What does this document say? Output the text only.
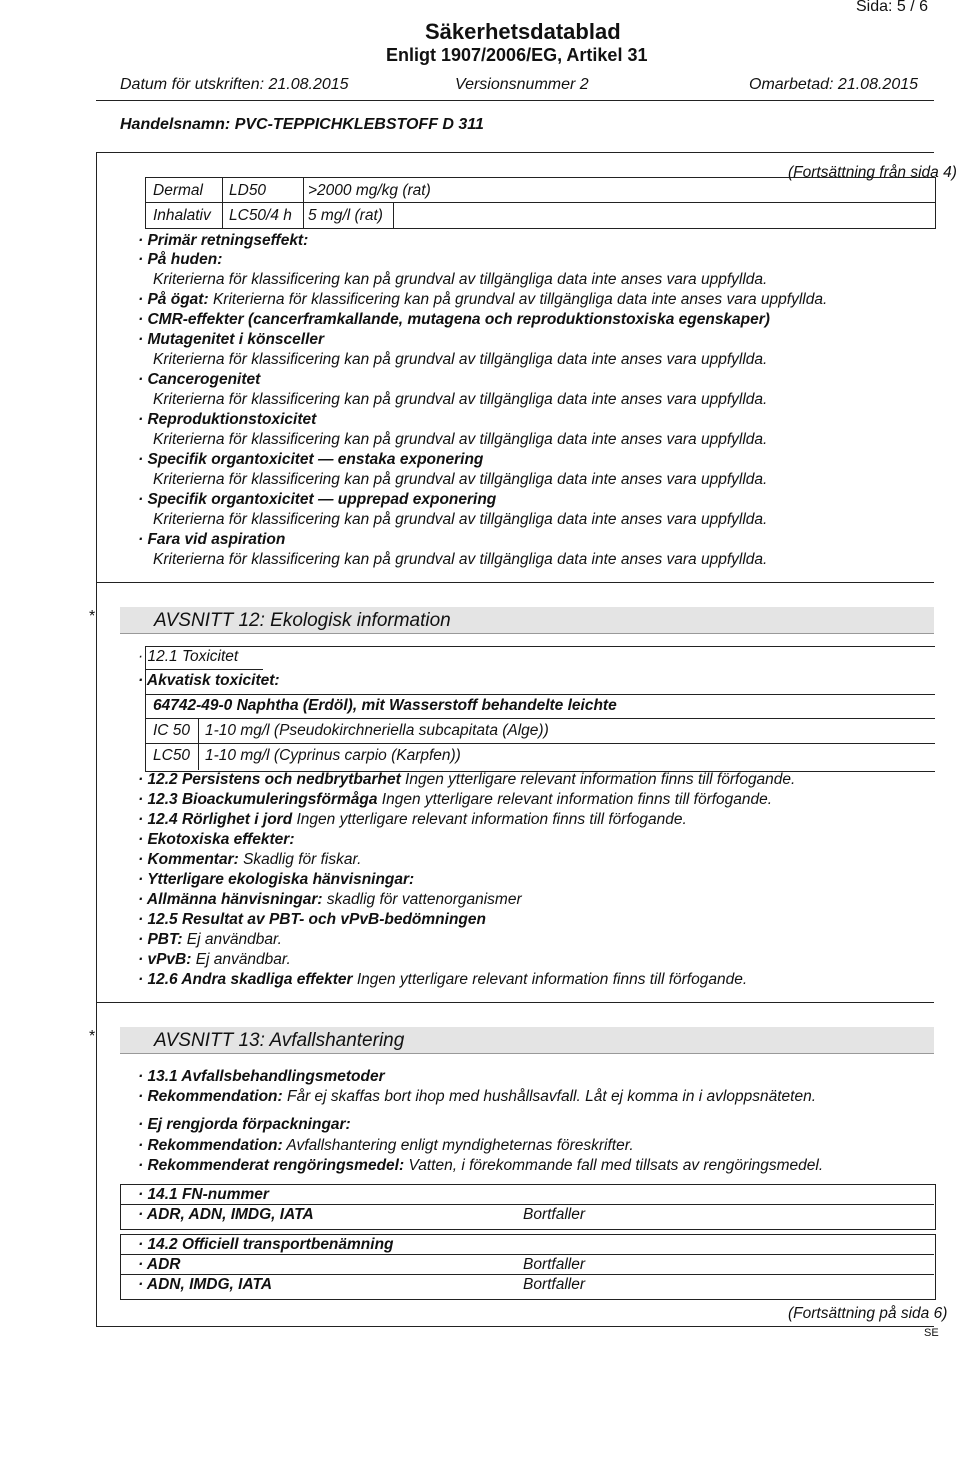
Sida: 5 / 6
Säkerhetsdatablad
Enligt 1907/2006/EG, Artikel 31
Datum för utskriften: 21.08.2015	Versionsnummer 2	Omarbetad: 21.08.2015
Handelsnamn: PVC-TEPPICHKLEBSTOFF D 311
(Fortsättning från sida 4)
Dermal LD50	>2000 mg/kg (rat)
Inhalativ LC50/4 h 5 mg/l (rat)
· Primär retningseffekt:
· På huden:
Kriterierna för klassificering kan på grundval av tillgängliga data inte anses vara uppfyllda.
· På ögat: Kriterierna för klassificering kan på grundval av tillgängliga data inte anses vara uppfyllda.
· CMR-effekter (cancerframkallande, mutagena och reproduktionstoxiska egenskaper)
· Mutagenitet i könsceller
Kriterierna för klassificering kan på grundval av tillgängliga data inte anses vara uppfyllda.
· Cancerogenitet
Kriterierna för klassificering kan på grundval av tillgängliga data inte anses vara uppfyllda.
· Reproduktionstoxicitet
Kriterierna för klassificering kan på grundval av tillgängliga data inte anses vara uppfyllda.
· Specifik organtoxicitet — enstaka exponering
Kriterierna för klassificering kan på grundval av tillgängliga data inte anses vara uppfyllda.
· Specifik organtoxicitet — upprepad exponering
Kriterierna för klassificering kan på grundval av tillgängliga data inte anses vara uppfyllda.
· Fara vid aspiration
Kriterierna för klassificering kan på grundval av tillgängliga data inte anses vara uppfyllda.
*	AVSNITT 12: Ekologisk information
· 12.1 Toxicitet
· Akvatisk toxicitet:
64742-49-0 Naphtha (Erdöl), mit Wasserstoff behandelte leichte
IC 50 1-10 mg/l (Pseudokirchneriella subcapitata (Alge))
LC50 1-10 mg/l (Cyprinus carpio (Karpfen))
· 12.2 Persistens och nedbrytbarhet Ingen ytterligare relevant information finns till förfogande.
· 12.3 Bioackumuleringsförmåga Ingen ytterligare relevant information finns till förfogande.
· 12.4 Rörlighet i jord Ingen ytterligare relevant information finns till förfogande.
· Ekotoxiska effekter:
· Kommentar: Skadlig för fiskar.
· Ytterligare ekologiska hänvisningar:
· Allmänna hänvisningar: skadlig för vattenorganismer
· 12.5 Resultat av PBT- och vPvB-bedömningen
· PBT: Ej användbar.
· vPvB: Ej användbar.
· 12.6 Andra skadliga effekter Ingen ytterligare relevant information finns till förfogande.
*	AVSNITT 13: Avfallshantering
· 13.1 Avfallsbehandlingsmetoder
· Rekommendation: Får ej skaffas bort ihop med hushållsavfall. Låt ej komma in i avloppsnäteten.
· Ej rengjorda förpackningar:
· Rekommendation: Avfallshantering enligt myndigheternas föreskrifter.
· Rekommenderat rengöringsmedel: Vatten, i förekommande fall med tillsats av rengöringsmedel.
· 14.1 FN-nummer
· ADR, ADN, IMDG, IATA	Bortfaller
· 14.2 Officiell transportbenämning
· ADR	Bortfaller
· ADN, IMDG, IATA	Bortfaller
(Fortsättning på sida 6)
SE
